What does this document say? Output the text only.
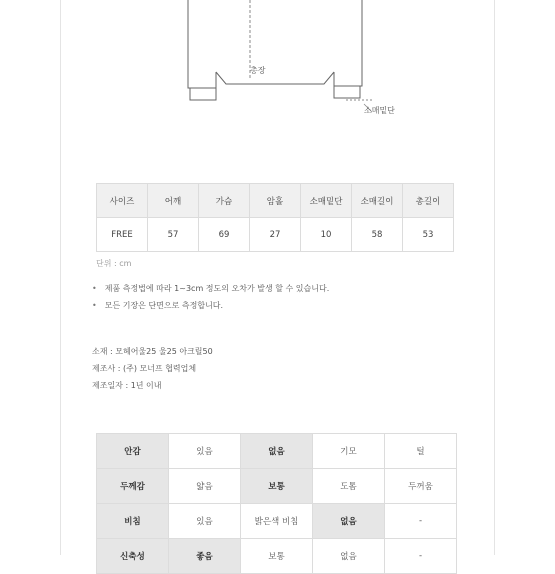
총장
소매밑단
사이즈	어깨	가슴	암홀	소매밑단	소매길이	총길이
FREE	57	69	27	10	58	53
단위 : cm
• 제품 측정법에 따라 1~3cm 정도의 오차가 발생 할 수 있습니다.
• 모든 기장은 단면으로 측정합니다.
소재 : 모헤어울25 울25 아크릴50
제조사 : (주) 모너프 협력업체
제조일자 : 1년 이내
안감	있음	없음	기모	털
두께감	얇음	보통	도톰	두꺼움
비침	있음	밝은색 비침	없음	-
신축성	좋음	보통	없음	-
